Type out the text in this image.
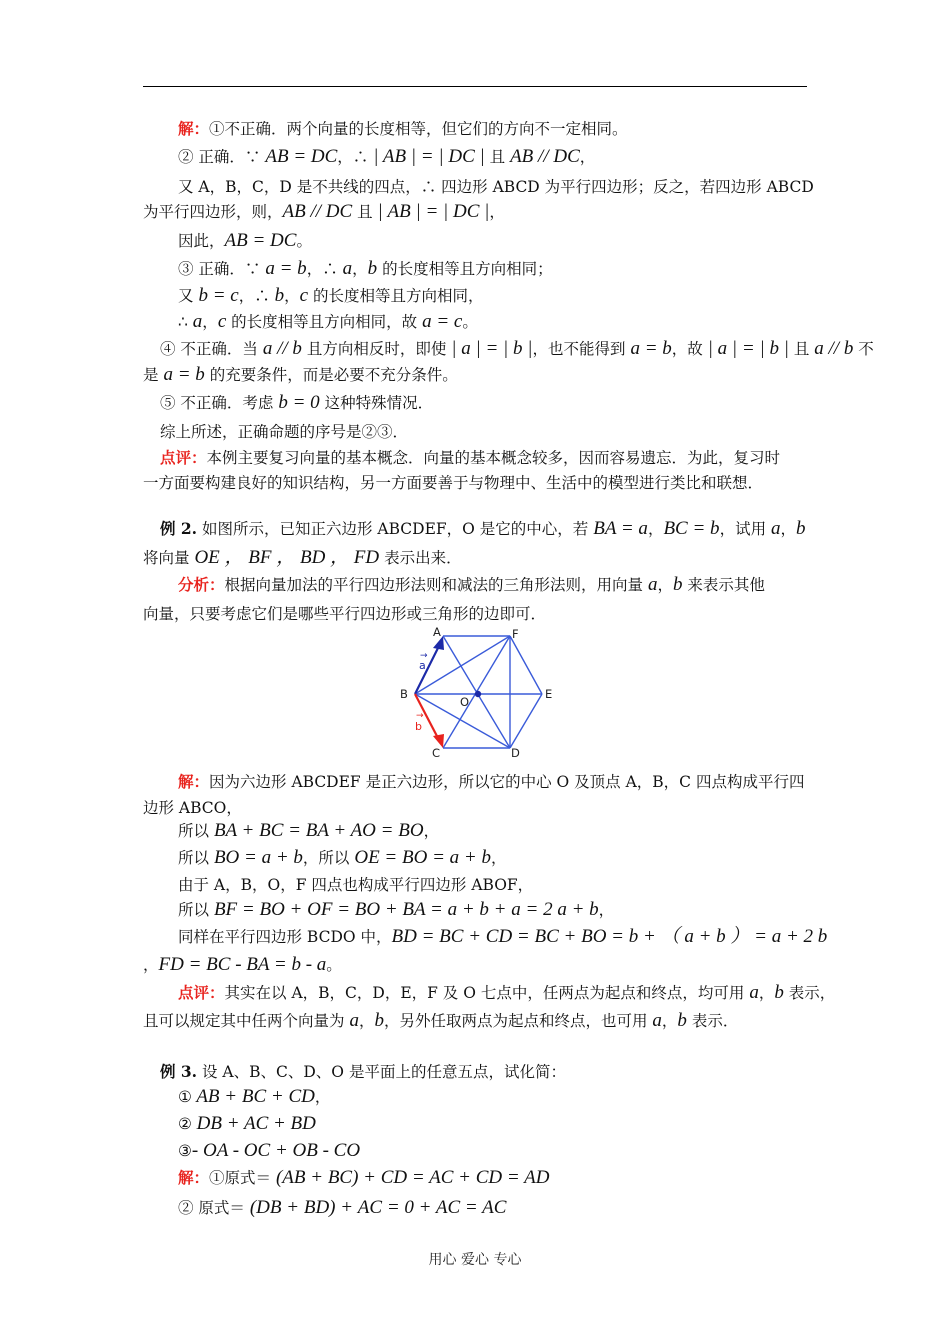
解：①不正确．两个向量的长度相等，但它们的方向不一定相同。
② 正确．∵ AB = DC，∴ | AB | = | DC | 且 AB // DC，
又 A，B，C，D 是不共线的四点，∴ 四边形 ABCD 为平行四边形；反之，若四边形 ABCD
为平行四边形，则，AB // DC 且 | AB | = | DC |，
因此，AB = DC。
③ 正确．∵ a = b，∴ a，b 的长度相等且方向相同；
又 b = c，∴ b，c 的长度相等且方向相同，
∴ a，c 的长度相等且方向相同，故 a = c。
④ 不正确．当 a // b 且方向相反时，即使 | a | = | b |，也不能得到 a = b，故 | a | = | b | 且 a // b 不
是 a = b 的充要条件，而是必要不充分条件。
⑤ 不正确．考虑 b = 0 这种特殊情况．
综上所述，正确命题的序号是②③．
点评：本例主要复习向量的基本概念．向量的基本概念较多，因而容易遗忘．为此，复习时
一方面要构建良好的知识结构，另一方面要善于与物理中、生活中的模型进行类比和联想．
例 2. 如图所示，已知正六边形 ABCDEF，O 是它的中心，若 BA = a，BC = b，试用 a，b
将向量 OE ， BF ， BD ， FD 表示出来．
分析：根据向量加法的平行四边形法则和减法的三角形法则，用向量 a，b 来表示其他
向量，只要考虑它们是哪些平行四边形或三角形的边即可．
A	F
B	E
O
C	D
→
a
→
b
解：因为六边形 ABCDEF 是正六边形，所以它的中心 O 及顶点 A，B，C 四点构成平行四
边形 ABCO，
所以 BA + BC = BA + AO = BO，
所以 BO = a + b，所以 OE = BO = a + b，
由于 A，B，O，F 四点也构成平行四边形 ABOF，
所以 BF = BO + OF = BO + BA = a + b + a = 2 a + b，
同样在平行四边形 BCDO 中，BD = BC + CD = BC + BO = b + （ a + b ） = a + 2 b
，FD = BC - BA = b - a。
点评：其实在以 A，B，C，D，E，F 及 O 七点中，任两点为起点和终点，均可用 a，b 表示，
且可以规定其中任两个向量为 a，b，另外任取两点为起点和终点，也可用 a，b 表示．
例 3. 设 A、B、C、D、O 是平面上的任意五点，试化简：
① AB + BC + CD，
② DB + AC + BD
③- OA - OC + OB - CO
解：①原式＝ (AB + BC) + CD = AC + CD = AD
② 原式＝ (DB + BD) + AC = 0 + AC = AC
用心 爱心 专心
